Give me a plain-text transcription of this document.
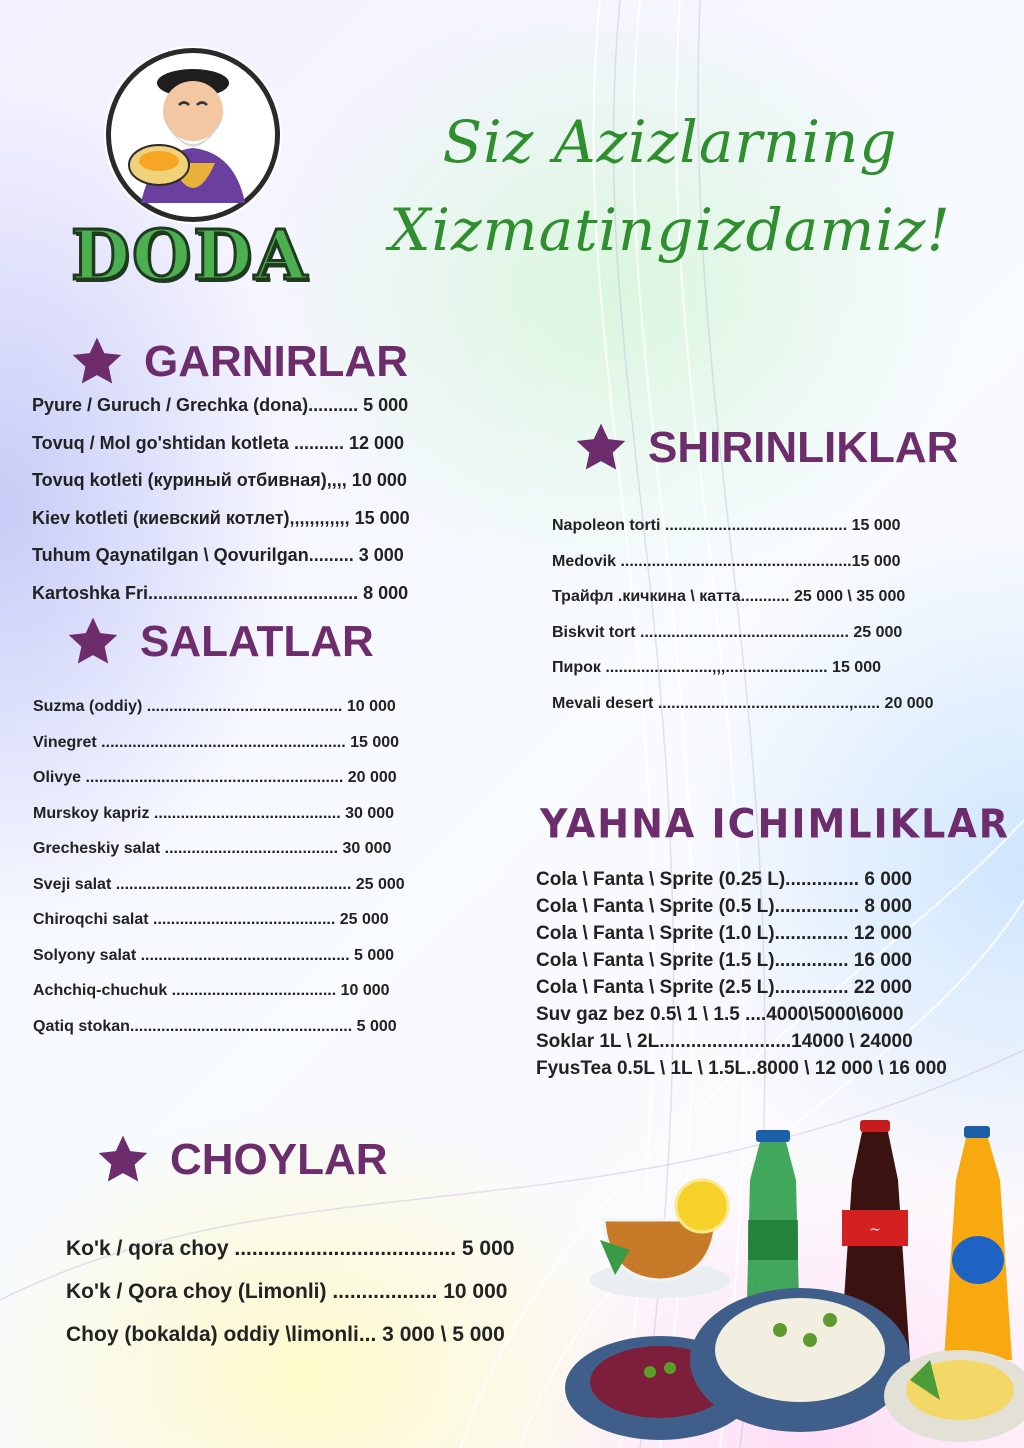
DODA
Siz Azizlarning
Xizmatingizdamiz!
GARNIRLAR
Pyure / Guruch / Grechka (dona).......... 5 000
Tovuq / Mol go'shtidan kotleta .......... 12 000
Tovuq kotleti (куриный отбивная),,,, 10 000
Kiev kotleti (киевский котлет),,,,,,,,,,,, 15 000
Tuhum Qaynatilgan \ Qovurilgan......... 3 000
Kartoshka Fri.......................................... 8 000
SALATLAR
Suzma (oddiy) ............................................ 10 000
Vinegret ....................................................... 15 000
Olivye .......................................................... 20 000
Murskoy kapriz .......................................... 30 000
Grecheskiy salat ....................................... 30 000
Sveji salat ..................................................... 25 000
Chiroqchi salat ......................................... 25 000
Solyony salat ............................................... 5 000
Achchiq-chuchuk ..................................... 10 000
Qatiq stokan.................................................. 5 000
SHIRINLIKLAR
Napoleon torti ......................................... 15 000
Medovik ....................................................15 000
Трайфл .кичкина \ катта........... 25 000 \ 35 000
Biskvit tort ............................................... 25 000
Пирок ........................,,,....................... 15 000
Mevali desert ...........................................,...... 20 000
YAHNA ICHIMLIKLAR
Cola \ Fanta \ Sprite (0.25 L).............. 6 000
Cola \ Fanta \ Sprite (0.5 L)................ 8 000
Cola \ Fanta \ Sprite (1.0 L).............. 12 000
Cola \ Fanta \ Sprite (1.5 L).............. 16 000
Cola \ Fanta \ Sprite (2.5 L).............. 22 000
Suv gaz bez 0.5\ 1 \ 1.5 ....4000\5000\6000
Soklar 1L \ 2L.........................14000 \ 24000
FyusTea 0.5L \ 1L \ 1.5L..8000 \ 12 000 \ 16 000
CHOYLAR
Ko'k / qora choy ...................................... 5 000
Ko'k / Qora choy (Limonli) .................. 10 000
Choy (bokalda) oddiy \limonli... 3 000 \ 5 000
~
